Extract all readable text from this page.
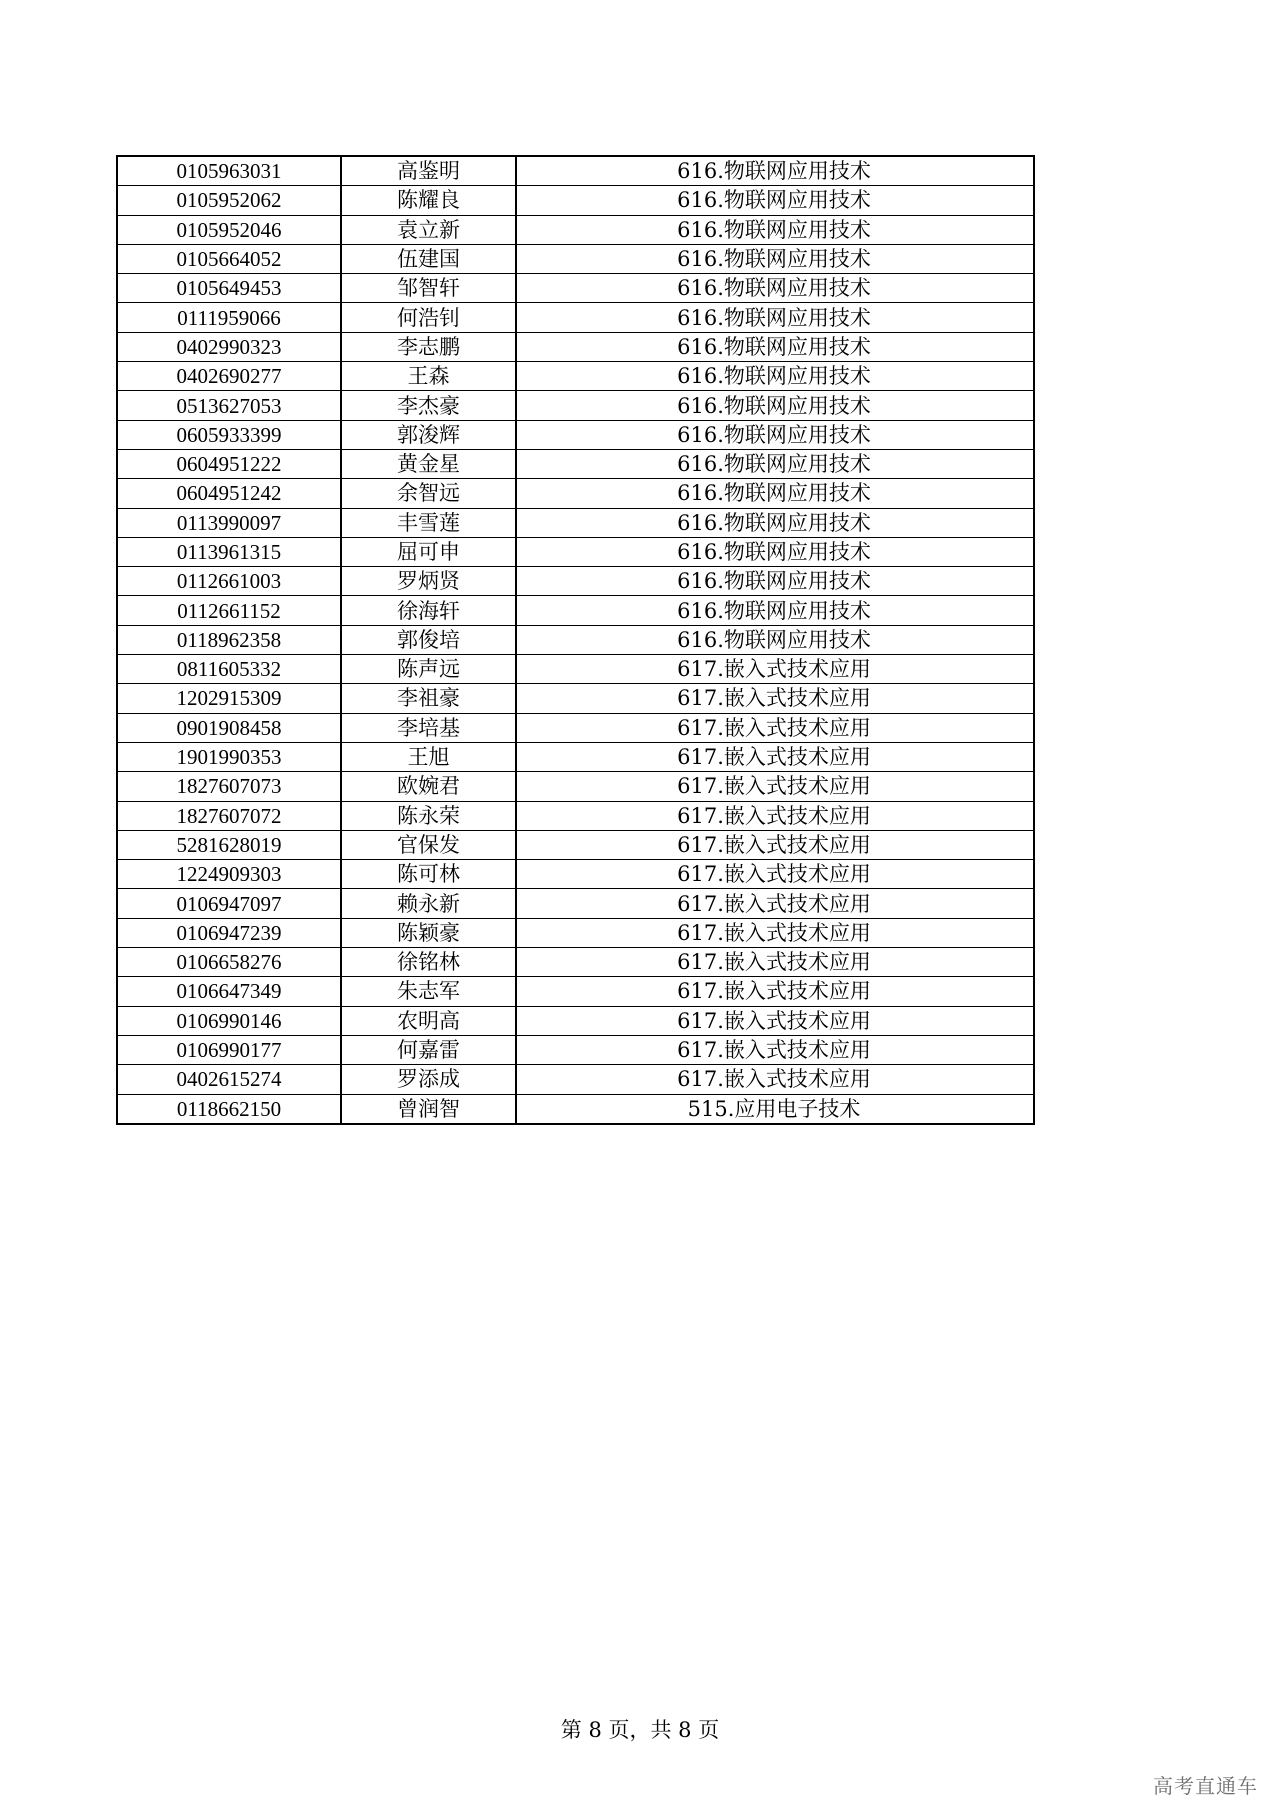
0105963031	高鉴明	616.物联网应用技术
0105952062	陈耀良	616.物联网应用技术
0105952046	袁立新	616.物联网应用技术
0105664052	伍建国	616.物联网应用技术
0105649453	邹智轩	616.物联网应用技术
0111959066	何浩钊	616.物联网应用技术
0402990323	李志鹏	616.物联网应用技术
0402690277	王森	616.物联网应用技术
0513627053	李杰豪	616.物联网应用技术
0605933399	郭浚辉	616.物联网应用技术
0604951222	黄金星	616.物联网应用技术
0604951242	余智远	616.物联网应用技术
0113990097	丰雪莲	616.物联网应用技术
0113961315	屈可申	616.物联网应用技术
0112661003	罗炳贤	616.物联网应用技术
0112661152	徐海轩	616.物联网应用技术
0118962358	郭俊培	616.物联网应用技术
0811605332	陈声远	617.嵌入式技术应用
1202915309	李祖豪	617.嵌入式技术应用
0901908458	李培基	617.嵌入式技术应用
1901990353	王旭	617.嵌入式技术应用
1827607073	欧婉君	617.嵌入式技术应用
1827607072	陈永荣	617.嵌入式技术应用
5281628019	官保发	617.嵌入式技术应用
1224909303	陈可林	617.嵌入式技术应用
0106947097	赖永新	617.嵌入式技术应用
0106947239	陈颖豪	617.嵌入式技术应用
0106658276	徐铭林	617.嵌入式技术应用
0106647349	朱志军	617.嵌入式技术应用
0106990146	农明高	617.嵌入式技术应用
0106990177	何嘉雷	617.嵌入式技术应用
0402615274	罗添成	617.嵌入式技术应用
0118662150	曾润智	515.应用电子技术
第 8 页，共 8 页
高考直通车
